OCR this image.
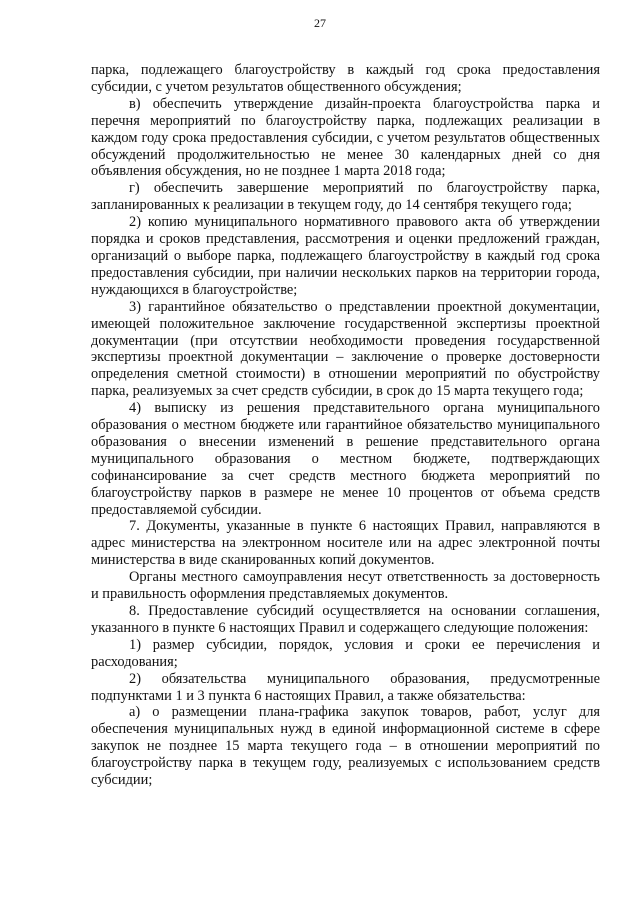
27

парка, подлежащего благоустройству в каждый год срока предоставления субсидии, с учетом результатов общественного обсуждения;

в) обеспечить утверждение дизайн-проекта благоустройства парка и перечня мероприятий по благоустройству парка, подлежащих реализации в каждом году срока предоставления субсидии, с учетом результатов общественных обсуждений продолжительностью не менее 30 календарных дней со дня объявления обсуждения, но не позднее 1 марта 2018 года;

г) обеспечить завершение мероприятий по благоустройству парка, запланированных к реализации в текущем году, до 14 сентября текущего года;

2) копию муниципального нормативного правового акта об утверждении порядка и сроков представления, рассмотрения и оценки предложений граждан, организаций о выборе парка, подлежащего благоустройству в каждый год срока предоставления субсидии, при наличии нескольких парков на территории города, нуждающихся в благоустройстве;

3) гарантийное обязательство о представлении проектной документации, имеющей положительное заключение государственной экспертизы проектной документации (при отсутствии необходимости проведения государственной экспертизы проектной документации – заключение о проверке достоверности определения сметной стоимости) в отношении мероприятий по обустройству парка, реализуемых за счет средств субсидии, в срок до 15 марта текущего года;

4) выписку из решения представительного органа муниципального образования о местном бюджете или гарантийное обязательство муниципального образования о внесении изменений в решение представительного органа муниципального образования о местном бюджете, подтверждающих софинансирование за счет средств местного бюджета мероприятий по благоустройству парков в размере не менее 10 процентов от объема средств предоставляемой субсидии.

7. Документы, указанные в пункте 6 настоящих Правил, направляются в адрес министерства на электронном носителе или на адрес электронной почты министерства в виде сканированных копий документов.

Органы местного самоуправления несут ответственность за достоверность и правильность оформления представляемых документов.

8. Предоставление субсидий осуществляется на основании соглашения, указанного в пункте 6 настоящих Правил и содержащего следующие положения:

1) размер субсидии, порядок, условия и сроки ее перечисления и расходования;

2) обязательства муниципального образования, предусмотренные подпунктами 1 и 3 пункта 6 настоящих Правил, а также обязательства:

а) о размещении плана-графика закупок товаров, работ, услуг для обеспечения муниципальных нужд в единой информационной системе в сфере закупок не позднее 15 марта текущего года – в отношении мероприятий по благоустройству парка в текущем году, реализуемых с использованием средств субсидии;
